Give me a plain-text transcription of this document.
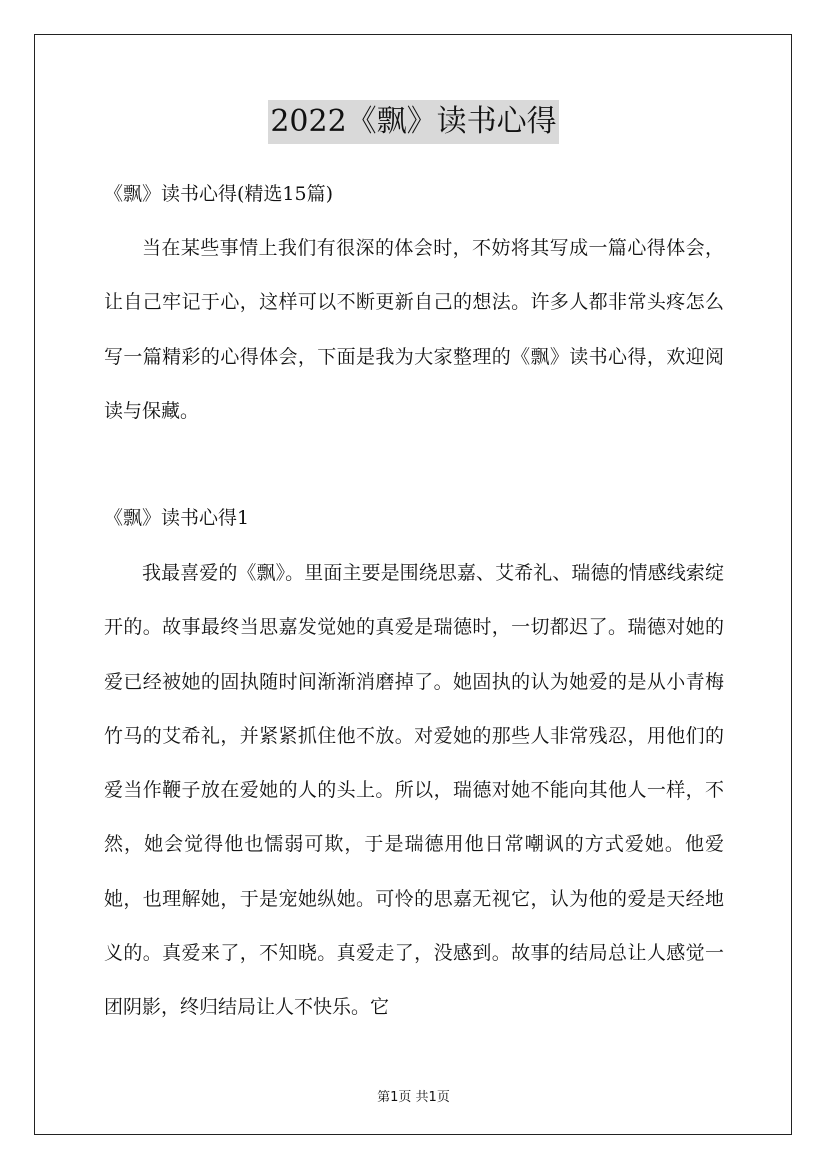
2022《飘》读书心得

《飘》读书心得(精选15篇)

当在某些事情上我们有很深的体会时，不妨将其写成一篇心得体会，让自己牢记于心，这样可以不断更新自己的想法。许多人都非常头疼怎么写一篇精彩的心得体会，下面是我为大家整理的《飘》读书心得，欢迎阅读与保藏。

《飘》读书心得1

我最喜爱的《飘》。里面主要是围绕思嘉、艾希礼、瑞德的情感线索绽开的。故事最终当思嘉发觉她的真爱是瑞德时，一切都迟了。瑞德对她的爱已经被她的固执随时间渐渐消磨掉了。她固执的认为她爱的是从小青梅竹马的艾希礼，并紧紧抓住他不放。对爱她的那些人非常残忍，用他们的爱当作鞭子放在爱她的人的头上。所以，瑞德对她不能向其他人一样，不然，她会觉得他也懦弱可欺，于是瑞德用他日常嘲讽的方式爱她。他爱她，也理解她，于是宠她纵她。可怜的思嘉无视它，认为他的爱是天经地义的。真爱来了，不知晓。真爱走了，没感到。故事的结局总让人感觉一团阴影，终归结局让人不快乐。它

第1页 共1页
